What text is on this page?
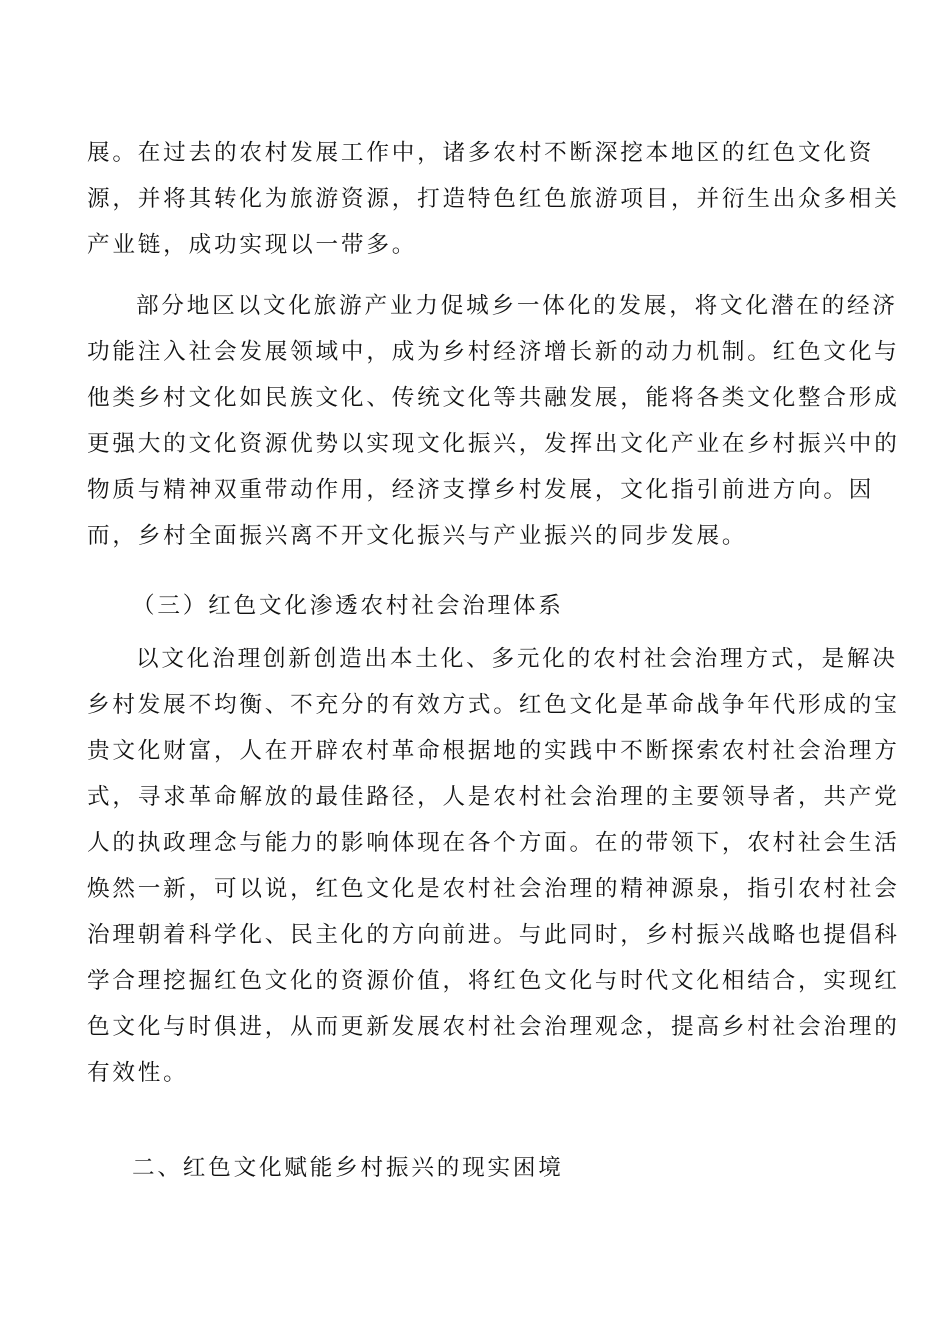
展。在过去的农村发展工作中，诸多农村不断深挖本地区的红色文化资
源，并将其转化为旅游资源，打造特色红色旅游项目，并衍生出众多相关
产业链，成功实现以一带多。
部分地区以文化旅游产业力促城乡一体化的发展，将文化潜在的经济
功能注入社会发展领域中，成为乡村经济增长新的动力机制。红色文化与
他类乡村文化如民族文化、传统文化等共融发展，能将各类文化整合形成
更强大的文化资源优势以实现文化振兴，发挥出文化产业在乡村振兴中的
物质与精神双重带动作用，经济支撑乡村发展，文化指引前进方向。因
而，乡村全面振兴离不开文化振兴与产业振兴的同步发展。
（三）红色文化渗透农村社会治理体系
以文化治理创新创造出本土化、多元化的农村社会治理方式，是解决
乡村发展不均衡、不充分的有效方式。红色文化是革命战争年代形成的宝
贵文化财富，人在开辟农村革命根据地的实践中不断探索农村社会治理方
式，寻求革命解放的最佳路径，人是农村社会治理的主要领导者，共产党
人的执政理念与能力的影响体现在各个方面。在的带领下，农村社会生活
焕然一新，可以说，红色文化是农村社会治理的精神源泉，指引农村社会
治理朝着科学化、民主化的方向前进。与此同时，乡村振兴战略也提倡科
学合理挖掘红色文化的资源价值，将红色文化与时代文化相结合，实现红
色文化与时俱进，从而更新发展农村社会治理观念，提高乡村社会治理的
有效性。
二、红色文化赋能乡村振兴的现实困境
